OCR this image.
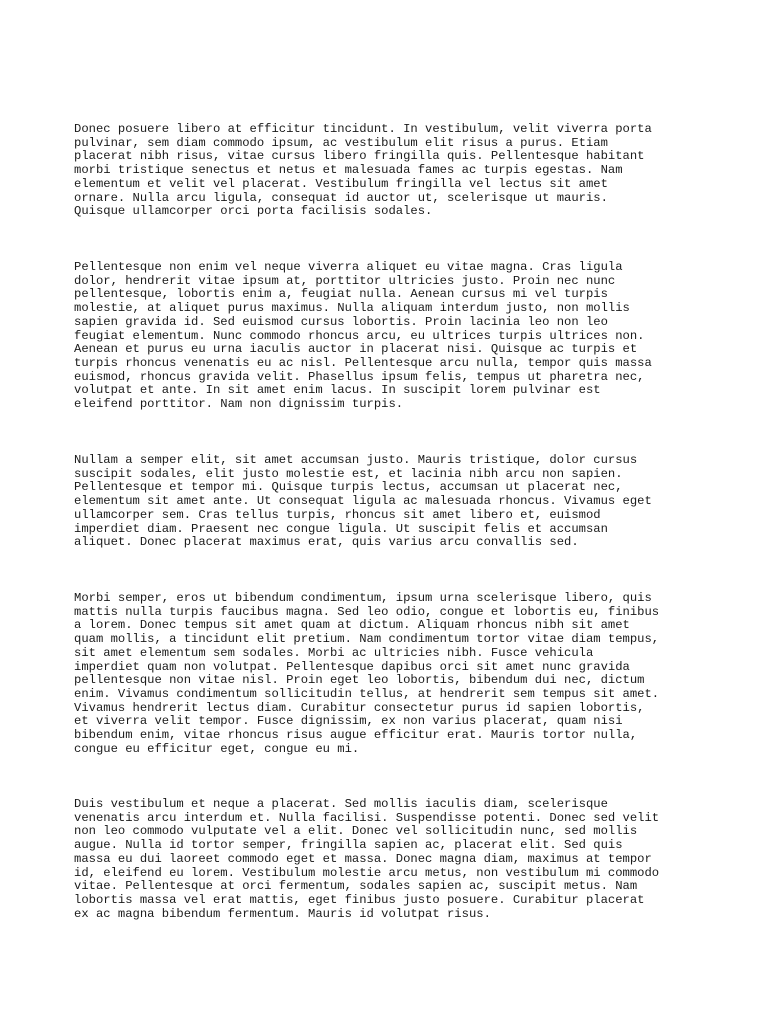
Donec posuere libero at efficitur tincidunt. In vestibulum, velit viverra porta
pulvinar, sem diam commodo ipsum, ac vestibulum elit risus a purus. Etiam
placerat nibh risus, vitae cursus libero fringilla quis. Pellentesque habitant
morbi tristique senectus et netus et malesuada fames ac turpis egestas. Nam
elementum et velit vel placerat. Vestibulum fringilla vel lectus sit amet
ornare. Nulla arcu ligula, consequat id auctor ut, scelerisque ut mauris.
Quisque ullamcorper orci porta facilisis sodales.

Pellentesque non enim vel neque viverra aliquet eu vitae magna. Cras ligula
dolor, hendrerit vitae ipsum at, porttitor ultricies justo. Proin nec nunc
pellentesque, lobortis enim a, feugiat nulla. Aenean cursus mi vel turpis
molestie, at aliquet purus maximus. Nulla aliquam interdum justo, non mollis
sapien gravida id. Sed euismod cursus lobortis. Proin lacinia leo non leo
feugiat elementum. Nunc commodo rhoncus arcu, eu ultrices turpis ultrices non.
Aenean et purus eu urna iaculis auctor in placerat nisi. Quisque ac turpis et
turpis rhoncus venenatis eu ac nisl. Pellentesque arcu nulla, tempor quis massa
euismod, rhoncus gravida velit. Phasellus ipsum felis, tempus ut pharetra nec,
volutpat et ante. In sit amet enim lacus. In suscipit lorem pulvinar est
eleifend porttitor. Nam non dignissim turpis.

Nullam a semper elit, sit amet accumsan justo. Mauris tristique, dolor cursus
suscipit sodales, elit justo molestie est, et lacinia nibh arcu non sapien.
Pellentesque et tempor mi. Quisque turpis lectus, accumsan ut placerat nec,
elementum sit amet ante. Ut consequat ligula ac malesuada rhoncus. Vivamus eget
ullamcorper sem. Cras tellus turpis, rhoncus sit amet libero et, euismod
imperdiet diam. Praesent nec congue ligula. Ut suscipit felis et accumsan
aliquet. Donec placerat maximus erat, quis varius arcu convallis sed.

Morbi semper, eros ut bibendum condimentum, ipsum urna scelerisque libero, quis
mattis nulla turpis faucibus magna. Sed leo odio, congue et lobortis eu, finibus
a lorem. Donec tempus sit amet quam at dictum. Aliquam rhoncus nibh sit amet
quam mollis, a tincidunt elit pretium. Nam condimentum tortor vitae diam tempus,
sit amet elementum sem sodales. Morbi ac ultricies nibh. Fusce vehicula
imperdiet quam non volutpat. Pellentesque dapibus orci sit amet nunc gravida
pellentesque non vitae nisl. Proin eget leo lobortis, bibendum dui nec, dictum
enim. Vivamus condimentum sollicitudin tellus, at hendrerit sem tempus sit amet.
Vivamus hendrerit lectus diam. Curabitur consectetur purus id sapien lobortis,
et viverra velit tempor. Fusce dignissim, ex non varius placerat, quam nisi
bibendum enim, vitae rhoncus risus augue efficitur erat. Mauris tortor nulla,
congue eu efficitur eget, congue eu mi.

Duis vestibulum et neque a placerat. Sed mollis iaculis diam, scelerisque
venenatis arcu interdum et. Nulla facilisi. Suspendisse potenti. Donec sed velit
non leo commodo vulputate vel a elit. Donec vel sollicitudin nunc, sed mollis
augue. Nulla id tortor semper, fringilla sapien ac, placerat elit. Sed quis
massa eu dui laoreet commodo eget et massa. Donec magna diam, maximus at tempor
id, eleifend eu lorem. Vestibulum molestie arcu metus, non vestibulum mi commodo
vitae. Pellentesque at orci fermentum, sodales sapien ac, suscipit metus. Nam
lobortis massa vel erat mattis, eget finibus justo posuere. Curabitur placerat
ex ac magna bibendum fermentum. Mauris id volutpat risus.
